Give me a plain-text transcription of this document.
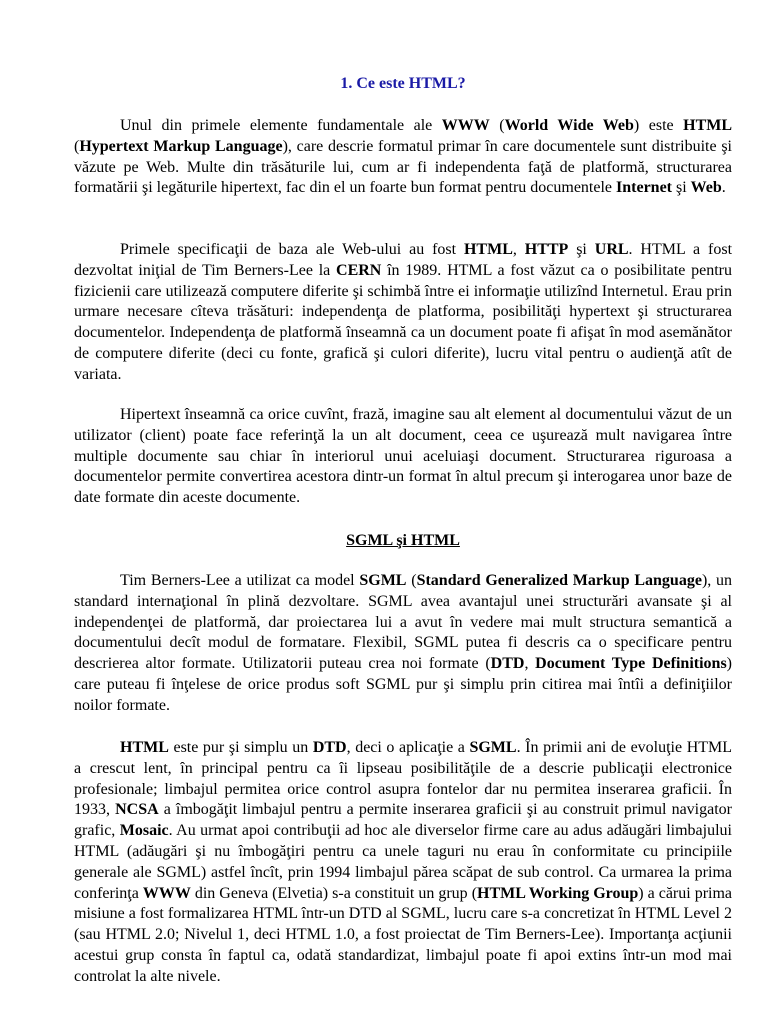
1. Ce este HTML?

Unul din primele elemente fundamentale ale WWW (World Wide Web) este HTML (Hypertext Markup Language), care descrie formatul primar în care documentele sunt distribuite şi văzute pe Web. Multe din trăsăturile lui, cum ar fi independenta faţă de platformă, structurarea formatării şi legăturile hipertext, fac din el un foarte bun format pentru documentele Internet şi Web.

Primele specificaţii de baza ale Web-ului au fost HTML, HTTP şi URL. HTML a fost dezvoltat iniţial de Tim Berners-Lee la CERN în 1989. HTML a fost văzut ca o posibilitate pentru fizicienii care utilizează computere diferite şi schimbă între ei informaţie utilizînd Internetul. Erau prin urmare necesare cîteva trăsături: independenţa de platforma, posibilităţi hypertext şi structurarea documentelor. Independenţa de platformă înseamnă ca un document poate fi afişat în mod asemănător de computere diferite (deci cu fonte, grafică şi culori diferite), lucru vital pentru o audienţă atît de variata.

Hipertext înseamnă ca orice cuvînt, frază, imagine sau alt element al documentului văzut de un utilizator (client) poate face referinţă la un alt document, ceea ce uşurează mult navigarea între multiple documente sau chiar în interiorul unui aceluiaşi document. Structurarea riguroasa a documentelor permite convertirea acestora dintr-un format în altul precum şi interogarea unor baze de date formate din aceste documente.

SGML şi HTML

Tim Berners-Lee a utilizat ca model SGML (Standard Generalized Markup Language), un standard internaţional în plină dezvoltare. SGML avea avantajul unei structurări avansate şi al independenţei de platformă, dar proiectarea lui a avut în vedere mai mult structura semantică a documentului decît modul de formatare. Flexibil, SGML putea fi descris ca o specificare pentru descrierea altor formate. Utilizatorii puteau crea noi formate (DTD, Document Type Definitions) care puteau fi înţelese de orice produs soft SGML pur şi simplu prin citirea mai întîi a definiţiilor noilor formate.

HTML este pur şi simplu un DTD, deci o aplicaţie a SGML. În primii ani de evoluţie HTML a crescut lent, în principal pentru ca îi lipseau posibilităţile de a descrie publicaţii electronice profesionale; limbajul permitea orice control asupra fontelor dar nu permitea inserarea graficii. În 1933, NCSA a îmbogăţit limbajul pentru a permite inserarea graficii şi au construit primul navigator grafic, Mosaic. Au urmat apoi contribuţii ad hoc ale diverselor firme care au adus adăugări limbajului HTML (adăugări şi nu îmbogăţiri pentru ca unele taguri nu erau în conformitate cu principiile generale ale SGML) astfel încît, prin 1994 limbajul părea scăpat de sub control. Ca urmarea la prima conferinţa WWW din Geneva (Elvetia) s-a constituit un grup (HTML Working Group) a cărui prima misiune a fost formalizarea HTML într-un DTD al SGML, lucru care s-a concretizat în HTML Level 2 (sau HTML 2.0; Nivelul 1, deci HTML 1.0, a fost proiectat de Tim Berners-Lee). Importanţa acţiunii acestui grup consta în faptul ca, odată standardizat, limbajul poate fi apoi extins într-un mod mai controlat la alte nivele.
